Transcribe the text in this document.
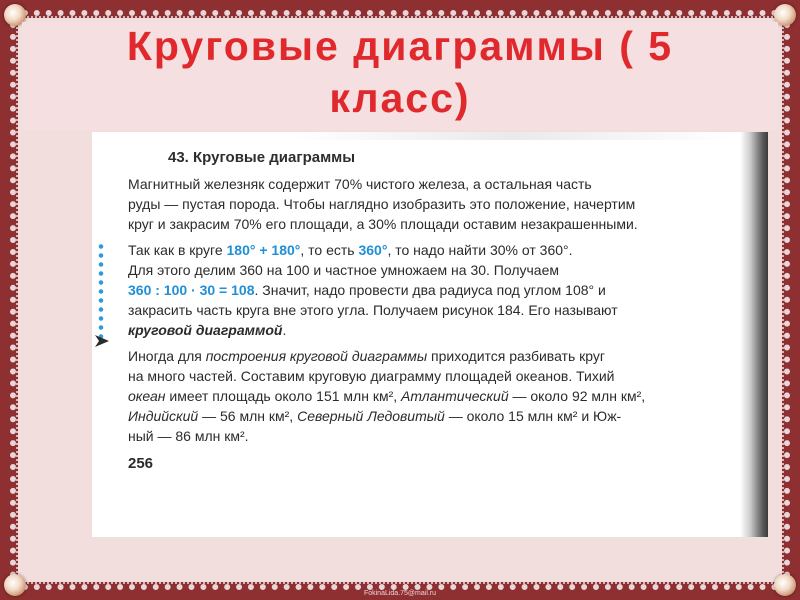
Круговые диаграммы ( 5
класс)
43. Круговые диаграммы
Магнитный железняк содержит 70% чистого железа, а остальная часть
руды — пустая порода. Чтобы наглядно изобразить это положение, начертим
круг и закрасим 70% его площади, а 30% площади оставим незакрашенными.
Так как в круге 180° + 180°, то есть 360°, то надо найти 30% от 360°.
Для этого делим 360 на 100 и частное умножаем на 30. Получаем
360 : 100 · 30 = 108. Значит, надо провести два радиуса под углом 108° и
закрасить часть круга вне этого угла. Получаем рисунок 184. Его называют
круговой диаграммой.
Иногда для построения круговой диаграммы приходится разбивать круг
на много частей. Составим круговую диаграмму площадей океанов. Тихий
океан имеет площадь около 151 млн км², Атлантический — около 92 млн км²,
Индийский — 56 млн км², Северный Ледовитый — около 15 млн км² и Юж-
ный — 86 млн км².
256
FokinaLida.75@mail.ru
